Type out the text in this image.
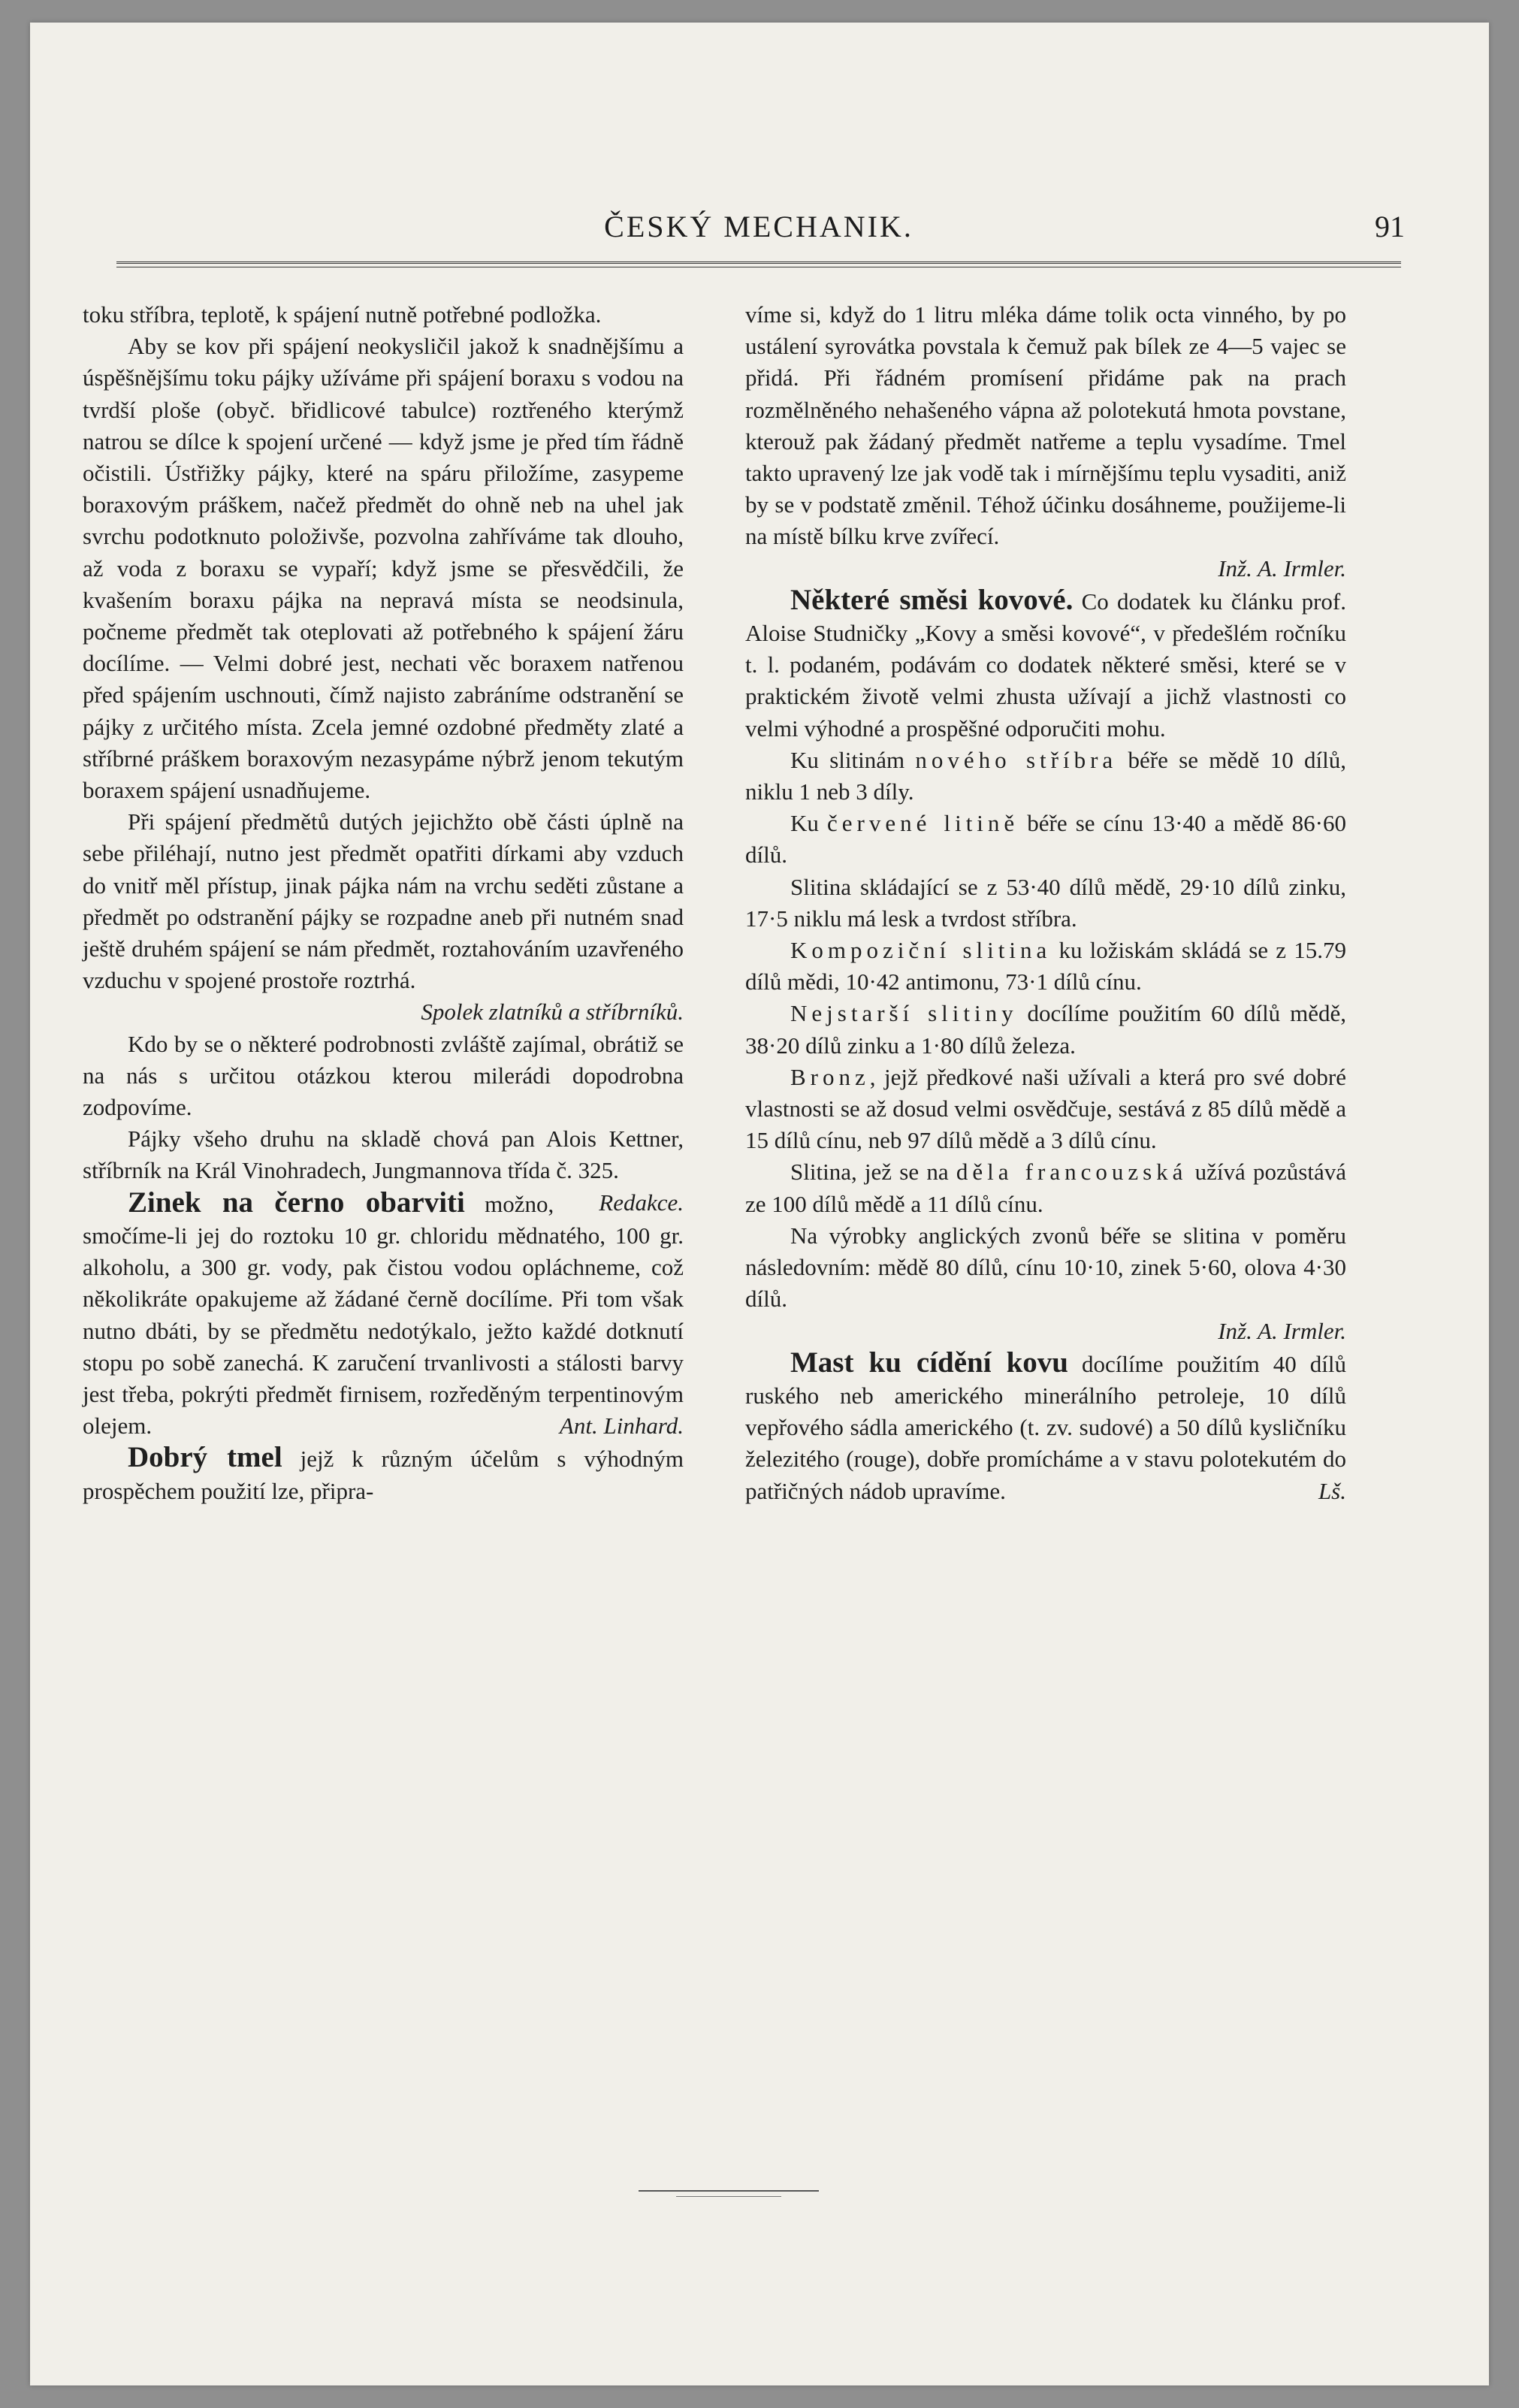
ČESKÝ MECHANIK.	91

toku stříbra, teplotě, k spájení nutně potřebné podložka.

Aby se kov při spájení neokysličil jakož k snadnějšímu a úspěšnějšímu toku pájky užíváme při spájení boraxu s vodou na tvrdší ploše (obyč. břidlicové tabulce) roztřeného kterýmž natrou se dílce k spojení určené — když jsme je před tím řádně očistili. Ústřižky pájky, které na spáru přiložíme, zasypeme boraxovým práškem, načež předmět do ohně neb na uhel jak svrchu podotknuto položivše, pozvolna zahříváme tak dlouho, až voda z boraxu se vypaří; když jsme se přesvědčili, že kvašením boraxu pájka na nepravá místa se neodsinula, počneme předmět tak oteplovati až potřebného k spájení žáru docílíme. — Velmi dobré jest, nechati věc boraxem natřenou před spájením uschnouti, čímž najisto zabráníme odstranění se pájky z určitého místa. Zcela jemné ozdobné předměty zlaté a stříbrné práškem boraxovým nezasypáme nýbrž jenom tekutým boraxem spájení usnadňujeme.

Při spájení předmětů dutých jejichžto obě části úplně na sebe přiléhají, nutno jest předmět opatřiti dírkami aby vzduch do vnitř měl přístup, jinak pájka nám na vrchu seděti zůstane a předmět po odstranění pájky se rozpadne aneb při nutném snad ještě druhém spájení se nám předmět, roztahováním uzavřeného vzduchu v spojené prostoře roztrhá.

Spolek zlatníků a stříbrníků.

Kdo by se o některé podrobnosti zvláště zajímal, obrátiž se na nás s určitou otázkou kterou milerádi dopodrobna zodpovíme.

Pájky všeho druhu na skladě chová pan Alois Kettner, stříbrník na Král Vinohradech, Jungmannova třída č. 325.
Redakce.

Zinek na černo obarviti možno, smočíme-li jej do roztoku 10 gr. chloridu mědnatého, 100 gr. alkoholu, a 300 gr. vody, pak čistou vodou opláchneme, což několikráte opakujeme až žádané černě docílíme. Při tom však nutno dbáti, by se předmětu nedotýkalo, ježto každé dotknutí stopu po sobě zanechá. K zaručení trvanlivosti a stálosti barvy jest třeba, pokrýti předmět firnisem, rozředěným terpentinovým olejem.	Ant. Linhard.

Dobrý tmel jejž k různým účelům s výhodným prospěchem použití lze, připra-

víme si, když do 1 litru mléka dáme tolik octa vinného, by po ustálení syrovátka povstala k čemuž pak bílek ze 4—5 vajec se přidá. Při řádném promísení přidáme pak na prach rozmělněného nehašeného vápna až polotekutá hmota povstane, kterouž pak žádaný předmět natřeme a teplu vysadíme. Tmel takto upravený lze jak vodě tak i mírnějšímu teplu vysaditi, aniž by se v podstatě změnil. Téhož účinku dosáhneme, použijeme-li na místě bílku krve zvířecí.

Inž. A. Irmler.

Některé směsi kovové. Co dodatek ku článku prof. Aloise Studničky „Kovy a směsi kovové“, v předešlém ročníku t. l. podaném, podávám co dodatek některé směsi, které se v praktickém životě velmi zhusta užívají a jichž vlastnosti co velmi výhodné a prospěšné odporučiti mohu.

Ku slitinám nového stříbra béře se mědě 10 dílů, niklu 1 neb 3 díly.

Ku červené litině béře se cínu 13·40 a mědě 86·60 dílů.

Slitina skládající se z 53·40 dílů mědě, 29·10 dílů zinku, 17·5 niklu má lesk a tvrdost stříbra.

Kompoziční slitina ku ložiskám skládá se z 15.79 dílů mědi, 10·42 antimonu, 73·1 dílů cínu.

Nejstarší slitiny docílíme použitím 60 dílů mědě, 38·20 dílů zinku a 1·80 dílů železa.

Bronz, jejž předkové naši užívali a která pro své dobré vlastnosti se až dosud velmi osvědčuje, sestává z 85 dílů mědě a 15 dílů cínu, neb 97 dílů mědě a 3 dílů cínu.

Slitina, jež se na děla francouzská užívá pozůstává ze 100 dílů mědě a 11 dílů cínu.

Na výrobky anglických zvonů béře se slitina v poměru následovním: mědě 80 dílů, cínu 10·10, zinek 5·60, olova 4·30 dílů.

Inž. A. Irmler.

Mast ku cídění kovu docílíme použitím 40 dílů ruského neb amerického minerálního petroleje, 10 dílů vepřového sádla amerického (t. zv. sudové) a 50 dílů kysličníku železitého (rouge), dobře promícháme a v stavu polotekutém do patřičných nádob upravíme.	Lš.
